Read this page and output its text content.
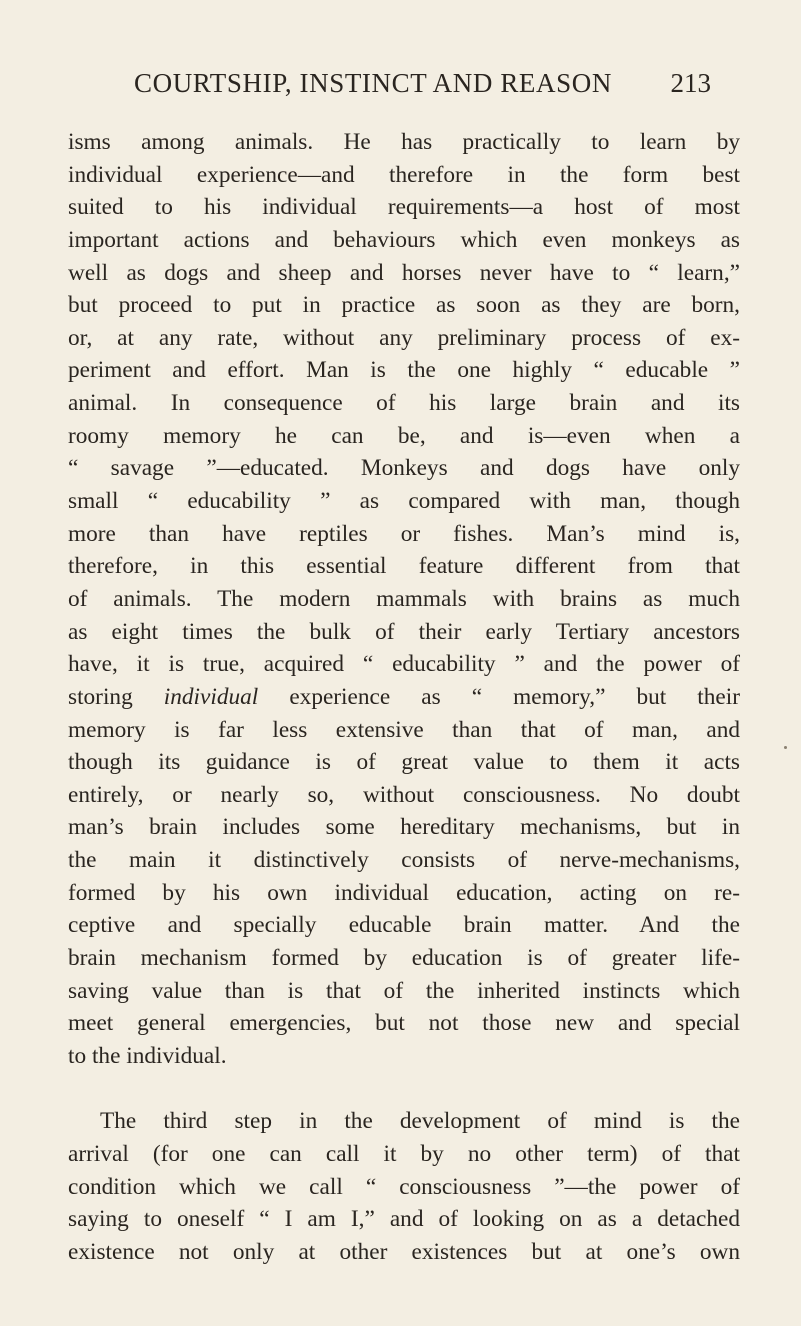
COURTSHIP, INSTINCT AND REASON 213
isms among animals. He has practically to learn by
individual experience—and therefore in the form best
suited to his individual requirements—a host of most
important actions and behaviours which even monkeys as
well as dogs and sheep and horses never have to “ learn,”
but proceed to put in practice as soon as they are born,
or, at any rate, without any preliminary process of ex-
periment and effort. Man is the one highly “ educable ”
animal. In consequence of his large brain and its
roomy memory he can be, and is—even when a
“ savage ”—educated. Monkeys and dogs have only
small “ educability ” as compared with man, though
more than have reptiles or fishes. Man’s mind is,
therefore, in this essential feature different from that
of animals. The modern mammals with brains as much
as eight times the bulk of their early Tertiary ancestors
have, it is true, acquired “ educability ” and the power of
storing individual experience as “ memory,” but their
memory is far less extensive than that of man, and
though its guidance is of great value to them it acts
entirely, or nearly so, without consciousness. No doubt
man’s brain includes some hereditary mechanisms, but in
the main it distinctively consists of nerve-mechanisms,
formed by his own individual education, acting on re-
ceptive and specially educable brain matter. And the
brain mechanism formed by education is of greater life-
saving value than is that of the inherited instincts which
meet general emergencies, but not those new and special
to the individual.
The third step in the development of mind is the
arrival (for one can call it by no other term) of that
condition which we call “ consciousness ”—the power of
saying to oneself “ I am I,” and of looking on as a detached
existence not only at other existences but at one’s own
